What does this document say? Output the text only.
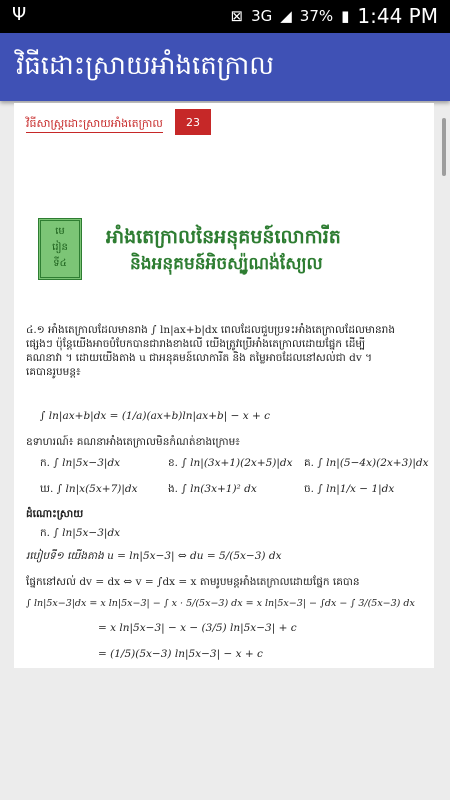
Ψ	⊠ 3G ◢ 37% ▮ 1:44 PM
វិធីដោះស្រាយអាំងតេក្រាល
វិធីសាស្ត្រដោះស្រាយអាំងតេក្រាល	23
មេ
រៀន
ទី៤
អាំងតេក្រាលនៃអនុគមន៍លោការីត
និងអនុគមន៍អិចស្ប៉ូណង់ស្យែល
៤.១ អាំងតេក្រាលដែលមានរាង ∫ ln|ax+b|dx ពេលដែលជួបប្រទះអាំងតេក្រាលដែលមានរាង
ផ្សេងៗ ប៉ុន្តែយើងអាចបំបែកបានជារាងខាងលើ យើងត្រូវប្រើអាំងតេក្រាលដោយផ្នែក ដើម្បី
គណនាវា ។ ដោយយើងតាង u ជាអនុគមន៍លោការីត និង តម្លៃអាចដែលនៅសល់ជា dv ។
គេបានរូបមន្ត៖
∫ ln|ax+b|dx = (1/a)(ax+b)ln|ax+b| − x + c
ឧទាហរណ៍៖ គណនាអាំងតេក្រាលមិនកំណត់ខាងក្រោម៖
ក. ∫ ln|5x−3|dx	ខ. ∫ ln|(3x+1)(2x+5)|dx គ. ∫ ln|(5−4x)(2x+3)|dx
ឃ. ∫ ln|x(5x+7)|dx	ង. ∫ ln(3x+1)² dx	ច. ∫ ln|1/x − 1|dx
ដំណោះស្រាយ
ក. ∫ ln|5x−3|dx
របៀបទី១ យើងតាង u = ln|5x−3| ⇔ du = 5/(5x−3) dx
ផ្នែកនៅសល់ dv = dx ⇔ v = ∫dx = x តាមរូបមន្តអាំងតេក្រាលដោយផ្នែក គេបាន
∫ ln|5x−3|dx = x ln|5x−3| − ∫ x · 5/(5x−3) dx = x ln|5x−3| − ∫dx − ∫ 3/(5x−3) dx
= x ln|5x−3| − x − (3/5) ln|5x−3| + c
= (1/5)(5x−3) ln|5x−3| − x + c
